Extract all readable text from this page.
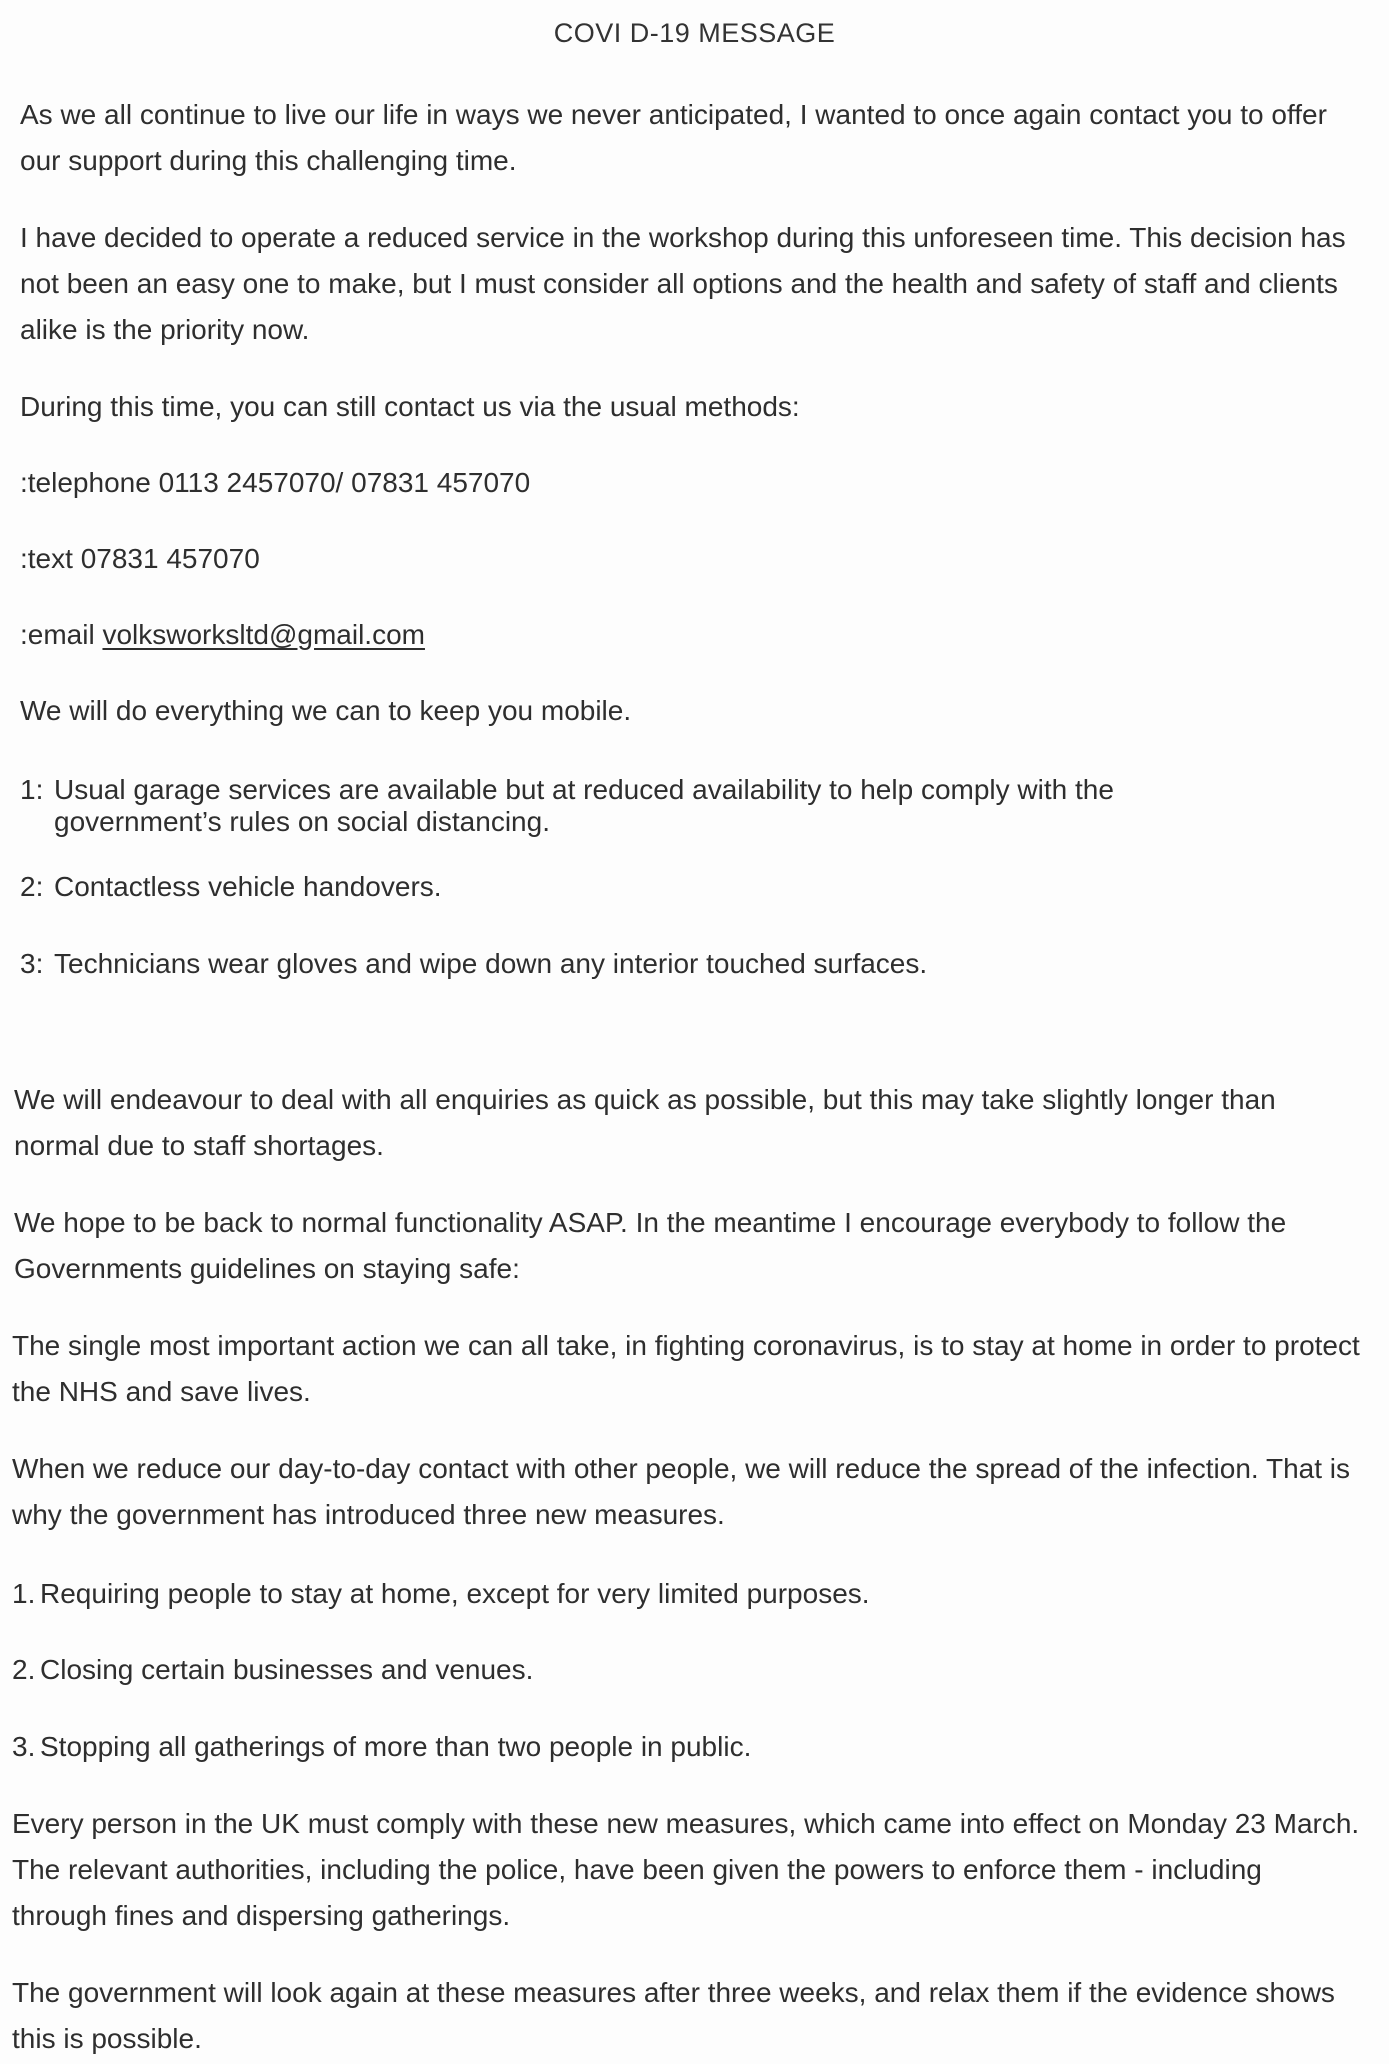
COVI D-19 MESSAGE

As we all continue to live our life in ways we never anticipated, I wanted to once again contact you to offer our support during this challenging time.

I have decided to operate a reduced service in the workshop during this unforeseen time. This decision has not been an easy one to make, but I must consider all options and the health and safety of staff and clients alike is the priority now.

During this time, you can still contact us via the usual methods:

:telephone 0113 2457070/ 07831 457070

:text 07831 457070

:email volksworksltd@gmail.com

We will do everything we can to keep you mobile.

1: Usual garage services are available but at reduced availability to help comply with the
government’s rules on social distancing.
2: Contactless vehicle handovers.
3: Technicians wear gloves and wipe down any interior touched surfaces.

We will endeavour to deal with all enquiries as quick as possible, but this may take slightly longer than normal due to staff shortages.

We hope to be back to normal functionality ASAP. In the meantime I encourage everybody to follow the Governments guidelines on staying safe:

The single most important action we can all take, in fighting coronavirus, is to stay at home in order to protect the NHS and save lives.

When we reduce our day-to-day contact with other people, we will reduce the spread of the infection. That is why the government has introduced three new measures.

1. Requiring people to stay at home, except for very limited purposes.
2. Closing certain businesses and venues.
3. Stopping all gatherings of more than two people in public.

Every person in the UK must comply with these new measures, which came into effect on Monday 23 March. The relevant authorities, including the police, have been given the powers to enforce them - including through fines and dispersing gatherings.

The government will look again at these measures after three weeks, and relax them if the evidence shows this is possible.
